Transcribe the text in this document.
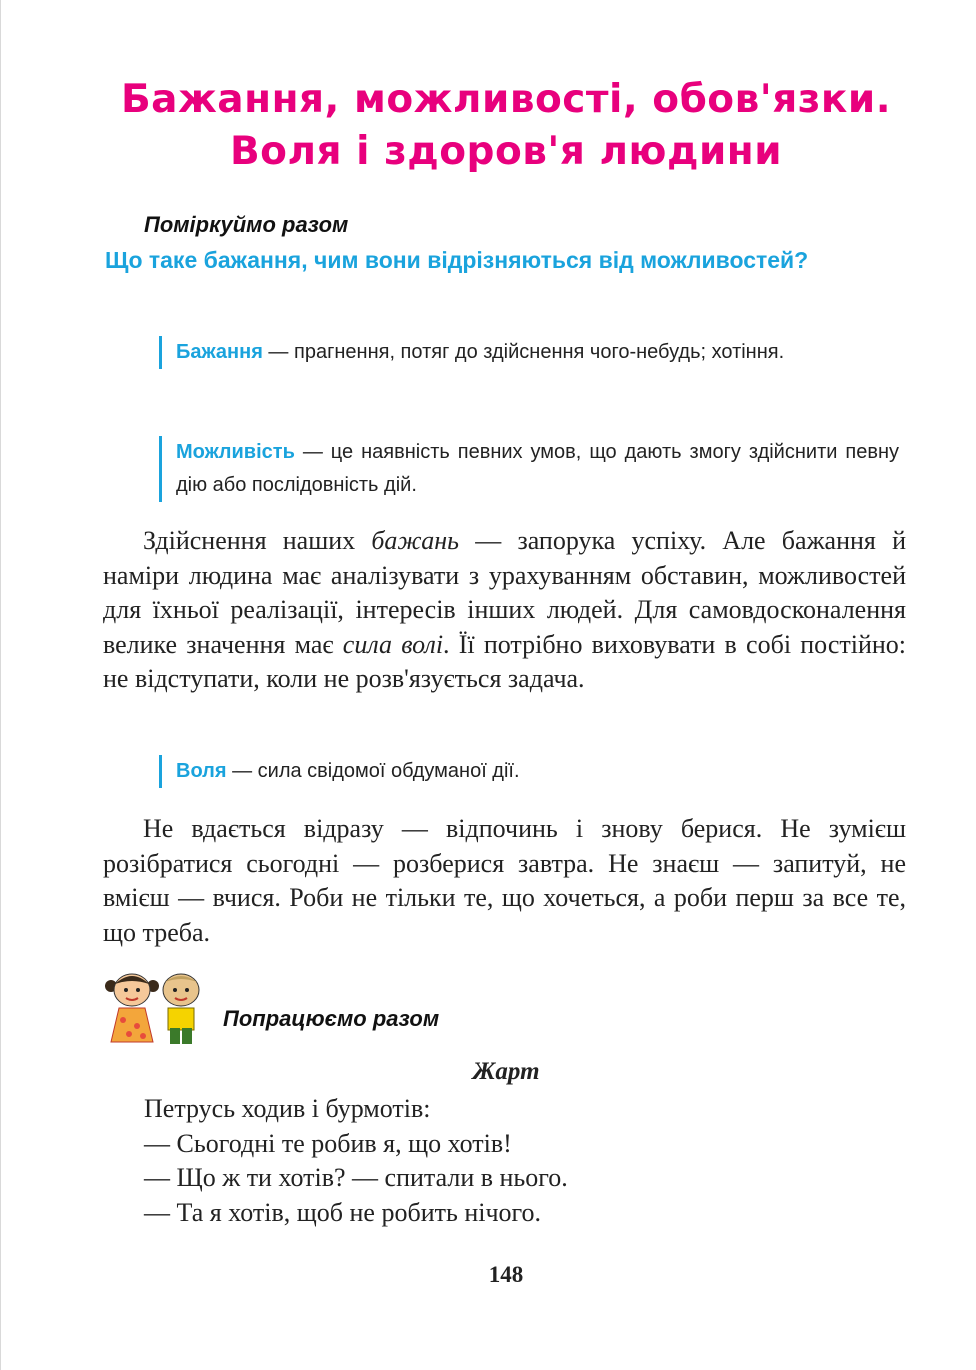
Бажання, можливості, обов'язки.
Воля і здоров'я людини
Поміркуймо разом
Що таке бажання, чим вони відрізняються від можливостей?
Бажання — прагнення, потяг до здійснення чого-небудь; хотіння.
Можливість — це наявність певних умов, що дають змогу здійснити певну дію або послідовність дій.
Здійснення наших бажань — запорука успіху. Але бажання й наміри людина має аналізувати з урахуванням обставин, можливостей для їхньої реалізації, інтересів інших людей. Для самовдосконалення велике значення має сила волі. Її потрібно виховувати в собі постійно: не відступати, коли не розв'язується задача.
Воля — сила свідомої обдуманої дії.
Не вдається відразу — відпочинь і знову берися. Не зумієш розібратися сьогодні — розберися завтра. Не знаєш — запитуй, не вмієш — вчися. Роби не тільки те, що хочеться, а роби перш за все те, що треба.
Попрацюємо разом
Жарт
Петрусь ходив і бурмотів:
— Сьогодні те робив я, що хотів!
— Що ж ти хотів? — спитали в нього.
— Та я хотів, щоб не робить нічого.
148
